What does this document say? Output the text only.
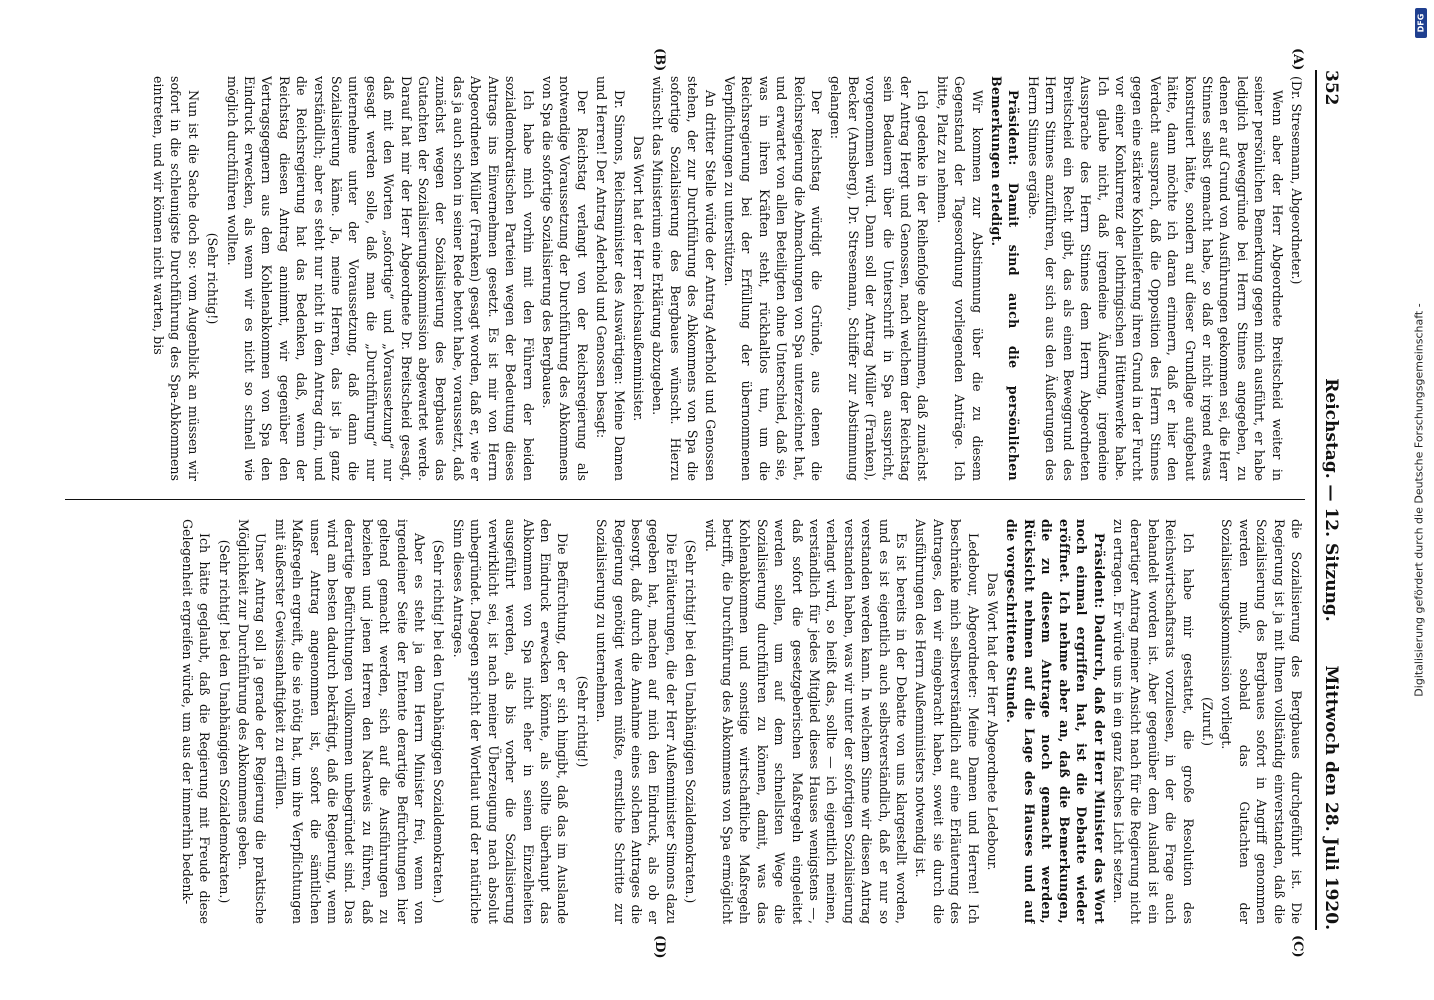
352
Reichstag. — 12. Sitzung.
Mittwoch den 28. Juli 1920.
(A)
(B)
(C)
(D)

(Dr. Stresemann, Abgeordneter.)

Wenn aber der Herr Abgeordnete Breitscheid weiter in seiner persönlichen Bemerkung gegen mich ausführt, er habe lediglich Beweggründe bei Herrn Stinnes angegeben, zu denen er auf Grund von Ausführungen gekommen sei, die Herr Stinnes selbst gemacht habe, so daß er nicht irgend etwas konstruiert hätte, sondern auf dieser Grundlage aufgebaut hätte, dann möchte ich daran erinnern, daß er hier den Verdacht aussprach, daß die Opposition des Herrn Stinnes gegen eine stärkere Kohlenlieferung ihren Grund in der Furcht vor einer Konkurrenz der lothringischen Hüttenwerke habe. Ich glaube nicht, daß irgendeine Äußerung, irgendeine Aussprache des Herrn Stinnes dem Herrn Abgeordneten Breitscheid ein Recht gibt, das als einen Beweggrund des Herrn Stinnes anzuführen, der sich aus den Äußerungen des Herrn Stinnes ergäbe.

Präsident: Damit sind auch die persönlichen Bemerkungen erledigt.

Wir kommen zur Abstimmung über die zu diesem Gegenstand der Tagesordnung vorliegenden Anträge. Ich bitte, Platz zu nehmen.

Ich gedenke in der Reihenfolge abzustimmen, daß zunächst der Antrag Hergt und Genossen, nach welchem der Reichstag sein Bedauern über die Unterschrift in Spa ausspricht, vorgenommen wird. Dann soll der Antrag Müller (Franken), Becker (Arnsberg), Dr. Stresemann, Schiffer zur Abstimmung gelangen:

Der Reichstag würdigt die Gründe, aus denen die Reichsregierung die Abmachungen von Spa unterzeichnet hat, und erwartet von allen Beteiligten ohne Unterschied, daß sie, was in ihren Kräften steht, rückhaltlos tun, um die Reichsregierung bei der Erfüllung der übernommenen Verpflichtungen zu unterstützen.

An dritter Stelle würde der Antrag Aderhold und Genossen stehen, der zur Durchführung des Abkommens von Spa die sofortige Sozialisierung des Bergbaues wünscht. Hierzu wünscht das Ministerium eine Erklärung abzugeben.

Das Wort hat der Herr Reichsaußenminister.

Dr. Simons, Reichsminister des Auswärtigen: Meine Damen und Herren! Der Antrag Aderhold und Genossen besagt:

Der Reichstag verlangt von der Reichsregierung als notwendige Voraussetzung der Durchführung des Abkommens von Spa die sofortige Sozialisierung des Bergbaues.

Ich habe mich vorhin mit den Führern der beiden sozialdemokratischen Parteien wegen der Bedeutung dieses Antrags ins Einvernehmen gesetzt. Es ist mir von Herrn Abgeordneten Müller (Franken) gesagt worden, daß er, wie er das ja auch schon in seiner Rede betont habe, voraussetzt, daß zunächst wegen der Sozialisierung des Bergbaues das Gutachten der Sozialisierungskommission abgewartet werde. Darauf hat mir der Herr Abgeordnete Dr. Breitscheid gesagt, daß mit den Worten „sofortige“ und „Voraussetzung“ nur gesagt werden solle, daß man die „Durchführung“ nur unternehme unter der Voraussetzung, daß dann die Sozialisierung käme. Ja, meine Herren, das ist ja ganz verständlich; aber es steht nur nicht in dem Antrag drin, und die Reichsregierung hat das Bedenken, daß, wenn der Reichstag diesen Antrag annimmt, wir gegenüber den Vertragsgegnern aus dem Kohlenabkommen von Spa den Eindruck erwecken, als wenn wir es nicht so schnell wie möglich durchführen wollten.

(Sehr richtig!)

Nun ist die Sache doch so: vom Augenblick an müssen wir sofort in die schleunigste Durchführung des Spa-Abkommens eintreten, und wir können nicht warten, bis

die Sozialisierung des Bergbaues durchgeführt ist. Die Regierung ist ja mit Ihnen vollständig einverstanden, daß die Sozialisierung des Bergbaues sofort in Angriff genommen werden muß, sobald das Gutachten der Sozialisierungskommission vorliegt.

(Zuruf.)

Ich habe mir gestattet, die große Resolution des Reichswirtschaftsrats vorzulesen, in der die Frage auch behandelt worden ist. Aber gegenüber dem Ausland ist ein derartiger Antrag meiner Ansicht nach für die Regierung nicht zu ertragen. Er würde uns in ein ganz falsches Licht setzen.

Präsident: Dadurch, daß der Herr Minister das Wort noch einmal ergriffen hat, ist die Debatte wieder eröffnet. Ich nehme aber an, daß die Bemerkungen, die zu diesem Antrage noch gemacht werden, Rücksicht nehmen auf die Lage des Hauses und auf die vorgeschrittene Stunde.

Das Wort hat der Herr Abgeordnete Ledebour.

Ledebour, Abgeordneter: Meine Damen und Herren! Ich beschränke mich selbstverständlich auf eine Erläuterung des Antrages, den wir eingebracht haben, soweit sie durch die Ausführungen des Herrn Außenministers notwendig ist.

Es ist bereits in der Debatte von uns klargestellt worden, und es ist eigentlich auch selbstverständlich, daß er nur so verstanden werden kann. In welchem Sinne wir diesen Antrag verstanden haben, was wir unter der sofortigen Sozialisierung verlangt wird, so heißt das, sollte — ich eigentlich meinen, verständlich für jedes Mitglied dieses Hauses wenigstens —, daß sofort die gesetzgeberischen Maßregeln eingeleitet werden sollen, um auf dem schnellsten Wege die Sozialisierung durchführen zu können, damit, was das Kohlenabkommen und sonstige wirtschaftliche Maßregeln betrifft, die Durchführung des Abkommens von Spa ermöglicht wird.

(Sehr richtig! bei den Unabhängigen Sozialdemokraten.)

Die Erläuterungen, die der Herr Außenminister Simons dazu gegeben hat, machen auf mich den Eindruck, als ob er besorgt, daß durch die Annahme eines solchen Antrages die Regierung genötigt werden müßte, ernstliche Schritte zur Sozialisierung zu unternehmen.

(Sehr richtig!)

Die Befürchtung, der er sich hingibt, daß das im Auslande den Eindruck erwecken könnte, als sollte überhaupt das Abkommen von Spa nicht eher in seinen Einzelheiten ausgeführt werden, als bis vorher die Sozialisierung verwirklicht sei, ist nach meiner Überzeugung nach absolut unbegründet. Dagegen spricht der Wortlaut und der natürliche Sinn dieses Antrages.

(Sehr richtig! bei den Unabhängigen Sozialdemokraten.)

Aber es steht ja dem Herrn Minister frei, wenn von irgendeiner Seite der Entente derartige Befürchtungen hier geltend gemacht werden, sich auf die Ausführungen zu beziehen und jenen Herren den Nachweis zu führen, daß derartige Befürchtungen vollkommen unbegründet sind. Das wird am besten dadurch bekräftigt, daß die Regierung, wenn unser Antrag angenommen ist, sofort die sämtlichen Maßregeln ergreift, die sie nötig hat, um ihre Verpflichtungen mit äußerster Gewissenhaftigkeit zu erfüllen.

Unser Antrag soll ja gerade der Regierung die praktische Möglichkeit zur Durchführung des Abkommens geben.

(Sehr richtig! bei den Unabhängigen Sozialdemokraten.)

Ich hätte geglaubt, daß die Regierung mit Freude diese Gelegenheit ergreifen würde, um aus der immerhin bedenk-

Digitalisierung gefördert durch die Deutsche Forschungsgemeinschaft -
DFG
